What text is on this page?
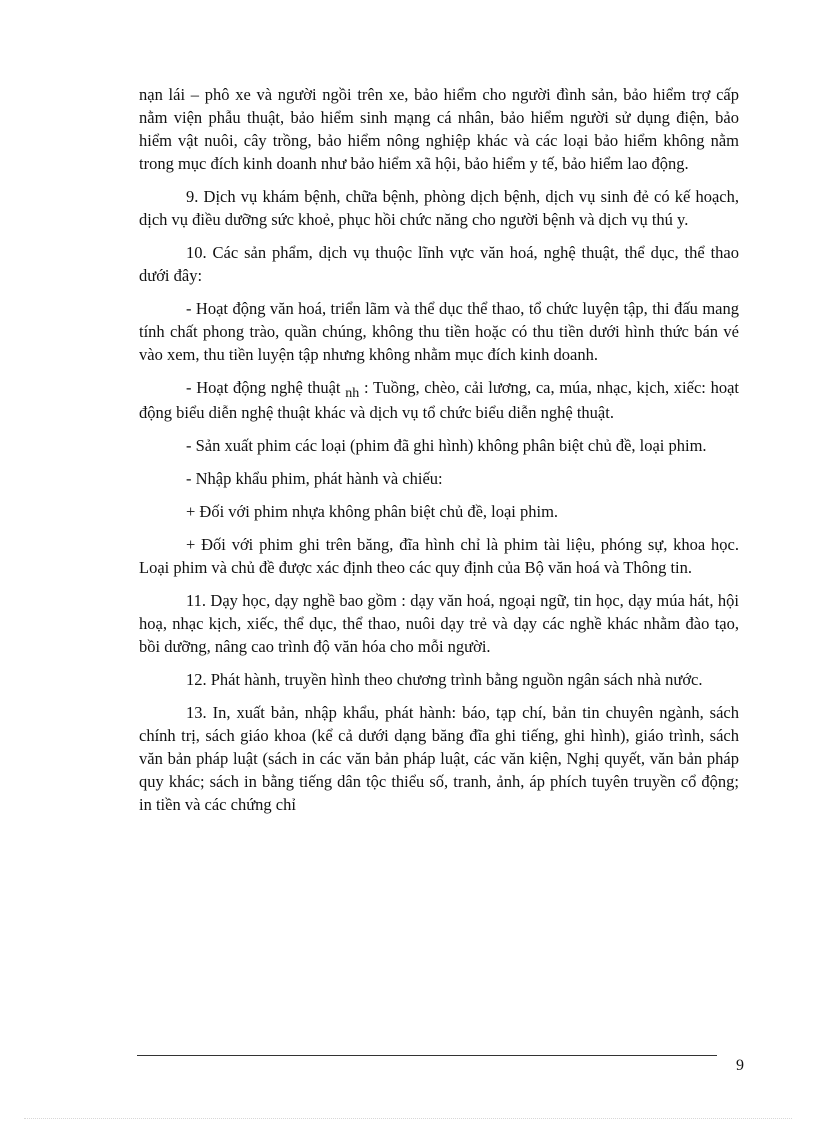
nạn lái – phô xe và người ngồi trên xe, bảo hiểm cho người đình sản, bảo hiểm trợ cấp nằm viện phẫu thuật, bảo hiểm sinh mạng cá nhân, bảo hiểm người sử dụng điện, bảo hiểm vật nuôi, cây trồng, bảo hiểm nông nghiệp khác và các loại bảo hiểm không nằm trong mục đích kinh doanh như bảo hiểm xã hội, bảo hiểm y tế, bảo hiểm lao động.

9. Dịch vụ khám bệnh, chữa bệnh, phòng dịch bệnh, dịch vụ sinh đẻ có kế hoạch, dịch vụ điều dưỡng sức khoẻ, phục hồi chức năng cho người bệnh và dịch vụ thú y.

10. Các sản phẩm, dịch vụ thuộc lĩnh vực văn hoá, nghệ thuật, thể dục, thể thao dưới đây:

- Hoạt động văn hoá, triển lãm và thể dục thể thao, tổ chức luyện tập, thi đấu mang tính chất phong trào, quần chúng, không thu tiền hoặc có thu tiền dưới hình thức bán vé vào xem, thu tiền luyện tập nhưng không nhằm mục đích kinh doanh.

- Hoạt động nghệ thuật $_{nh}$ : Tuồng, chèo, cải lương, ca, múa, nhạc, kịch, xiếc: hoạt động biểu diễn nghệ thuật khác và dịch vụ tổ chức biểu diễn nghệ thuật.

- Sản xuất phim các loại (phim đã ghi hình) không phân biệt chủ đề, loại phim.

- Nhập khẩu phim, phát hành và chiếu:

+ Đối với phim nhựa không phân biệt chủ đề, loại phim.

+ Đối với phim ghi trên băng, đĩa hình chỉ là phim tài liệu, phóng sự, khoa học. Loại phim và chủ đề được xác định theo các quy định của Bộ văn hoá và Thông tin.

11. Dạy học, dạy nghề bao gồm : dạy văn hoá, ngoại ngữ, tin học, dạy múa hát, hội hoạ, nhạc kịch, xiếc, thể dục, thể thao, nuôi dạy trẻ và dạy các nghề khác nhằm đào tạo, bồi dưỡng, nâng cao trình độ văn hóa cho mỗi người.

12. Phát hành, truyền hình theo chương trình bằng nguồn ngân sách nhà nước.

13. In, xuất bản, nhập khẩu, phát hành: báo, tạp chí, bản tin chuyên ngành, sách chính trị, sách giáo khoa (kể cả dưới dạng băng đĩa ghi tiếng, ghi hình), giáo trình, sách văn bản pháp luật (sách in các văn bản pháp luật, các văn kiện, Nghị quyết, văn bản pháp quy khác; sách in bằng tiếng dân tộc thiểu số, tranh, ảnh, áp phích tuyên truyền cổ động; in tiền và các chứng chỉ

9
